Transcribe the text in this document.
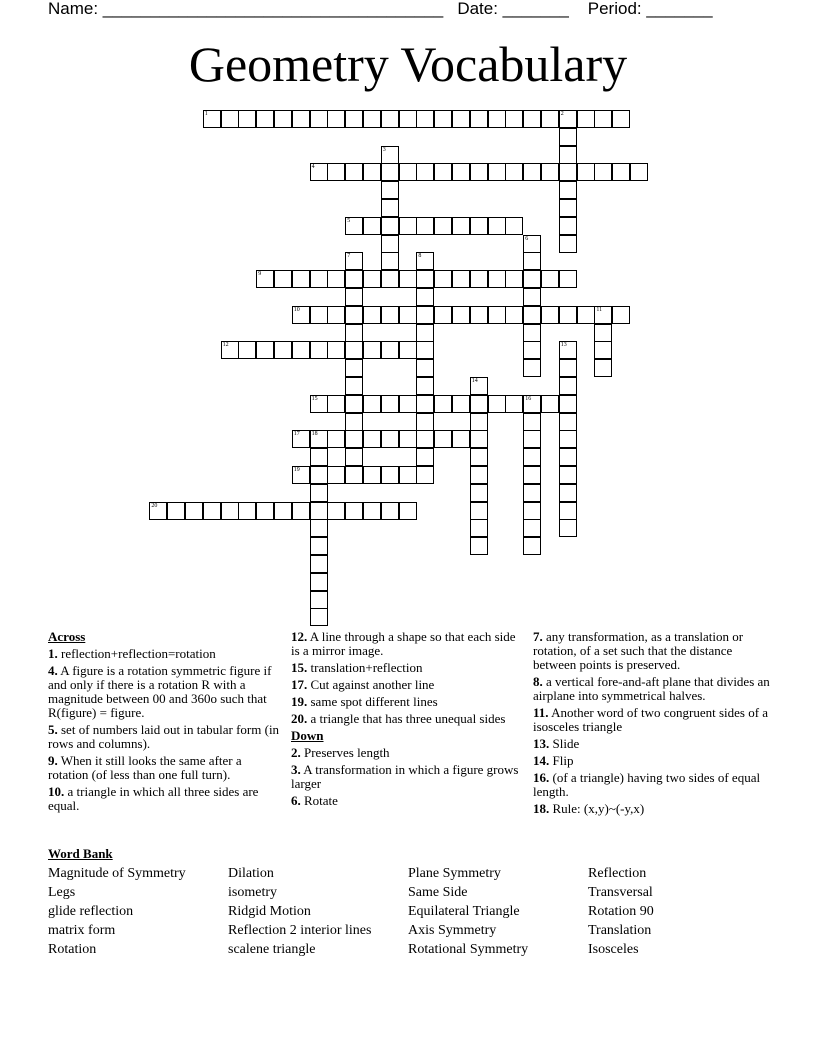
Name: ____________________________________   Date: _______    Period: _______
Geometry Vocabulary
1	2
3
4
5
6
7	8
9
10	11
12	13
14
15	16
17 18
19
20
Across
1. reflection+reflection=rotation
4. A figure is a rotation symmetric figure if and only if there is a rotation R with a magnitude between 00 and 360o such that R(figure) = figure.
5. set of numbers laid out in tabular form (in rows and columns).
9. When it still looks the same after a rotation (of less than one full turn).
10. a triangle in which all three sides are equal.
12. A line through a shape so that each side is a mirror image.
15. translation+reflection
17. Cut against another line
19. same spot different lines
20. a triangle that has three unequal sides
Down
2. Preserves length
3. A transformation in which a figure grows larger
6. Rotate
7. any transformation, as a translation or rotation, of a set such that the distance between points is preserved.
8. a vertical fore-and-aft plane that divides an airplane into symmetrical halves.
11. Another word of two congruent sides of a isosceles triangle
13. Slide
14. Flip
16. (of a triangle) having two sides of equal length.
18. Rule: (x,y)~(-y,x)
Word Bank
Magnitude of Symmetry
Legs
glide reflection
matrix form
Rotation
Dilation
isometry
Ridgid Motion
Reflection 2 interior lines
scalene triangle
Plane Symmetry
Same Side
Equilateral Triangle
Axis Symmetry
Rotational Symmetry
Reflection
Transversal
Rotation 90
Translation
Isosceles
